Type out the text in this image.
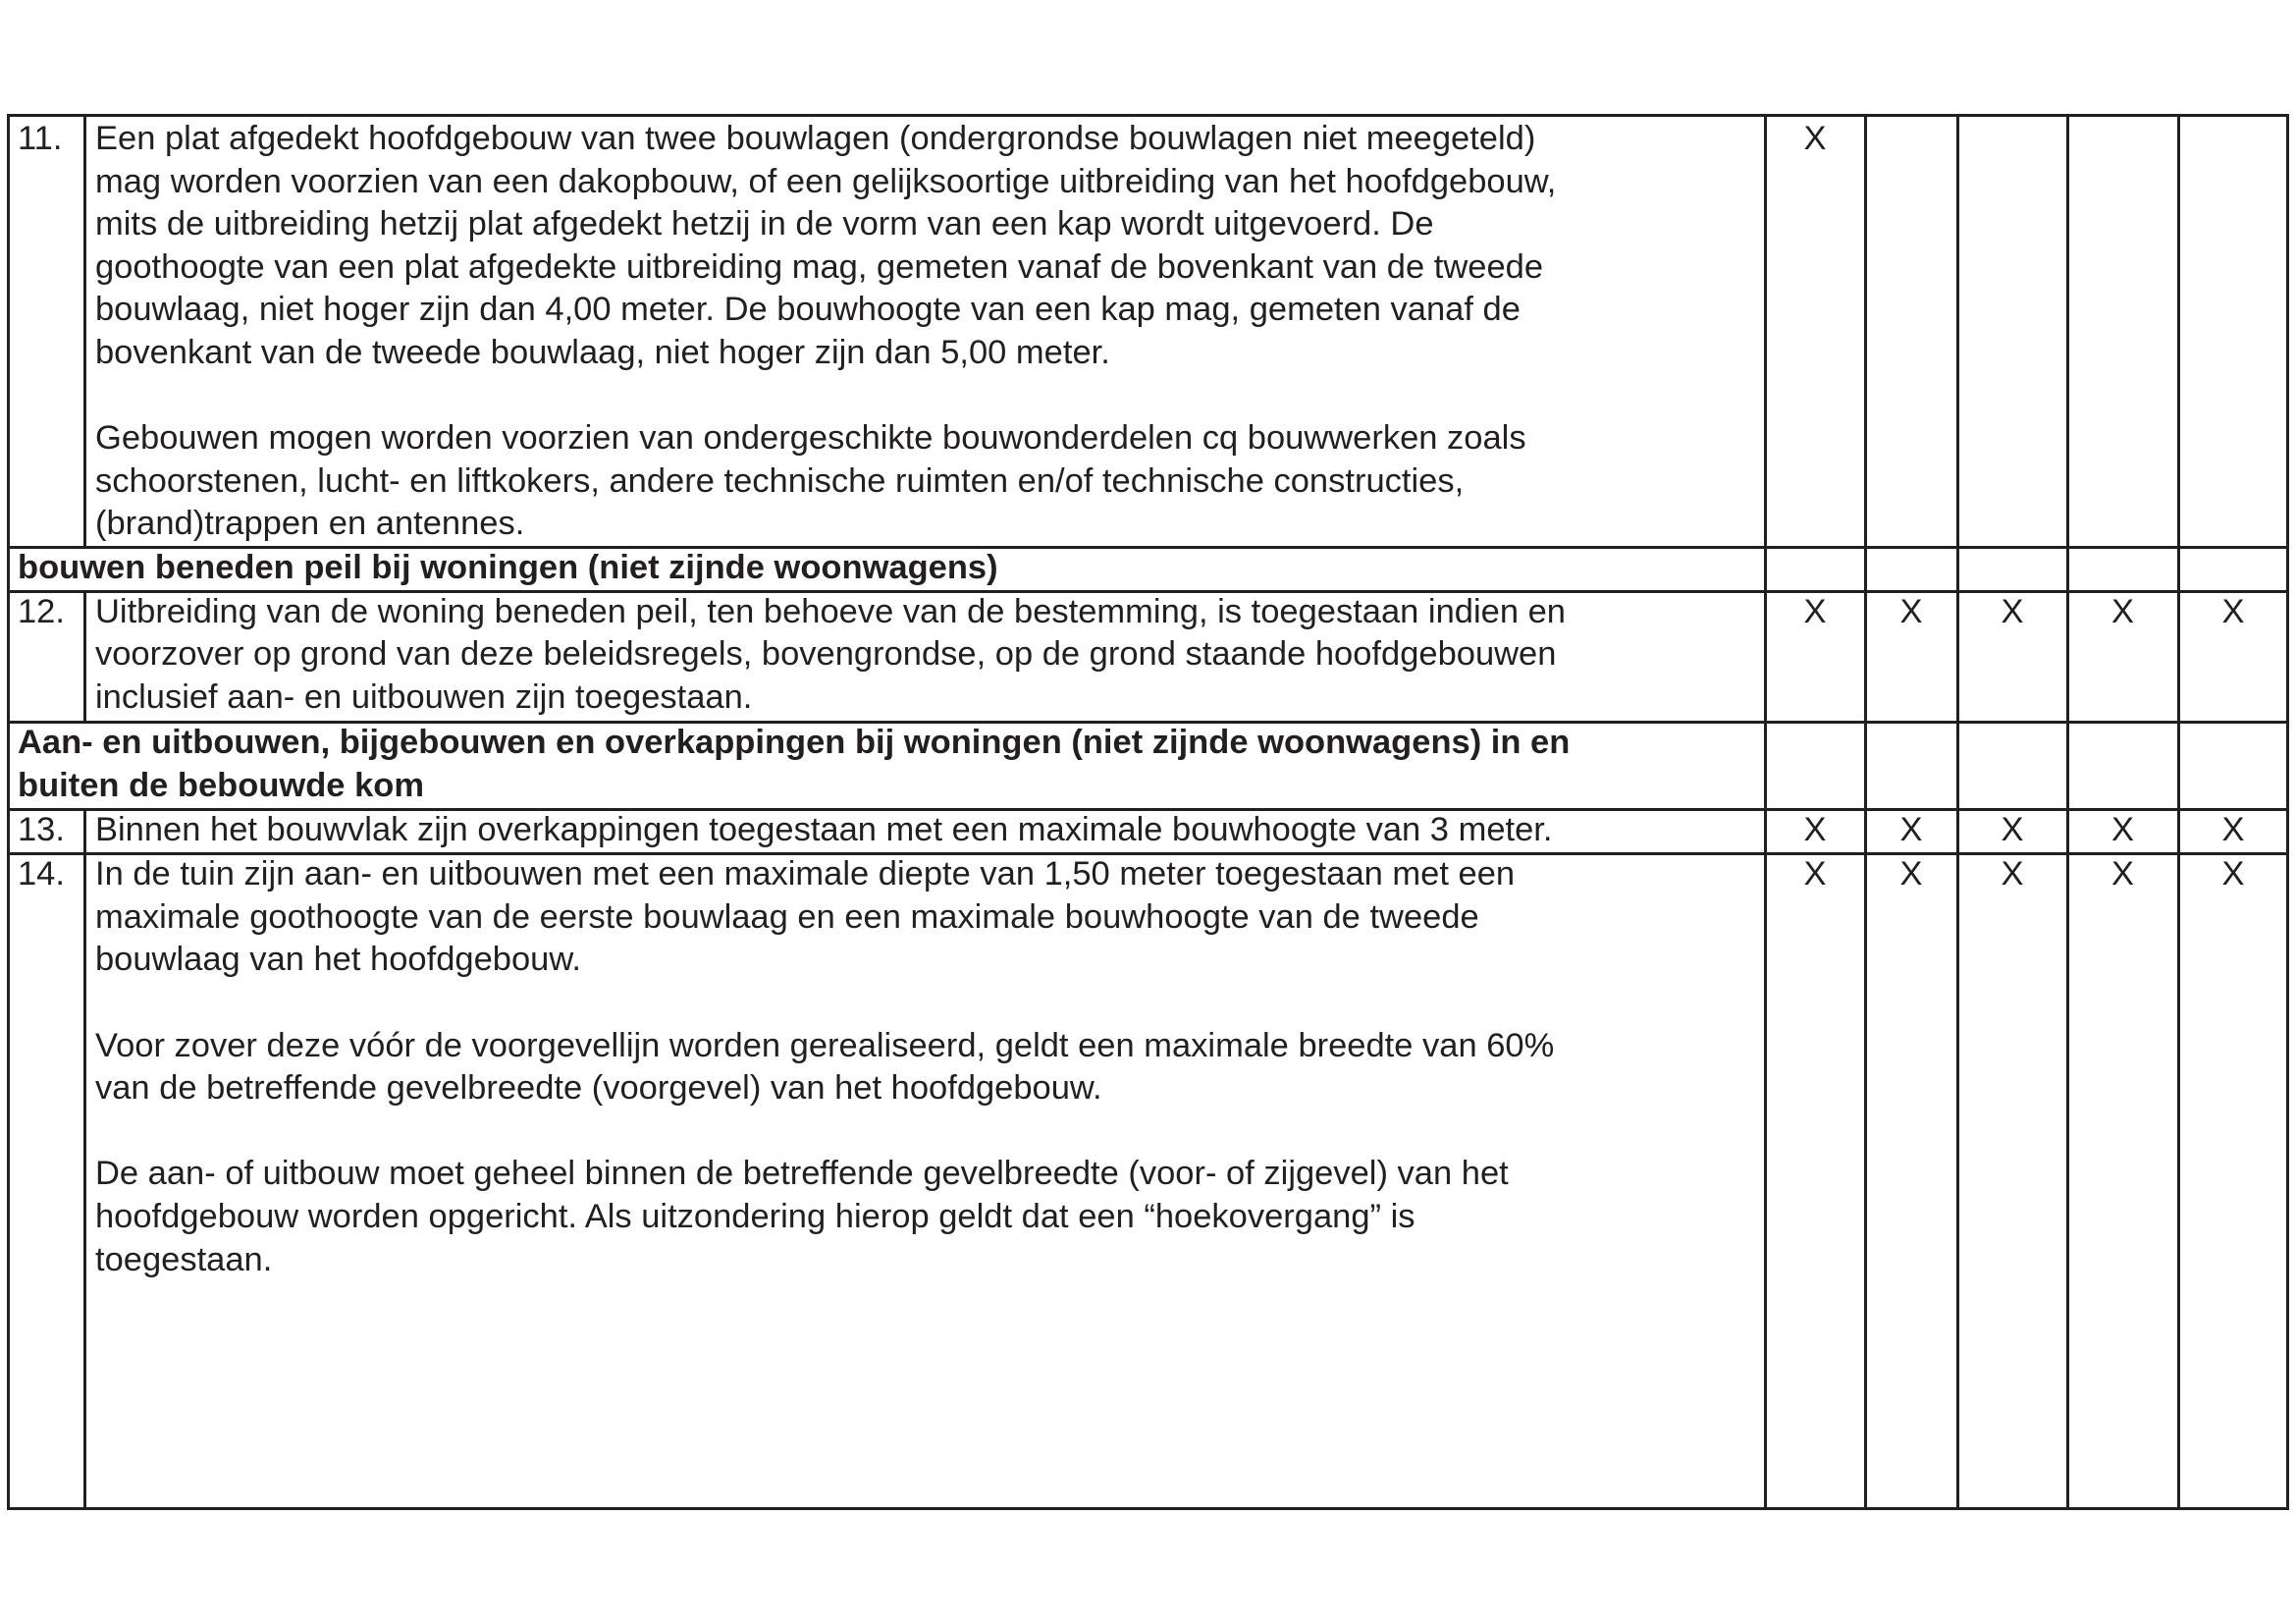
11. Een plat afgedekt hoofdgebouw van twee bouwlagen (ondergrondse bouwlagen niet meegeteld)
mag worden voorzien van een dakopbouw, of een gelijksoortige uitbreiding van het hoofdgebouw,
mits de uitbreiding hetzij plat afgedekt hetzij in de vorm van een kap wordt uitgevoerd. De
goothoogte van een plat afgedekte uitbreiding mag, gemeten vanaf de bovenkant van de tweede
bouwlaag, niet hoger zijn dan 4,00 meter. De bouwhoogte van een kap mag, gemeten vanaf de
bovenkant van de tweede bouwlaag, niet hoger zijn dan 5,00 meter.
Gebouwen mogen worden voorzien van ondergeschikte bouwonderdelen cq bouwwerken zoals
schoorstenen, lucht- en liftkokers, andere technische ruimten en/of technische constructies,
(brand)trappen en antennes.
X
bouwen beneden peil bij woningen (niet zijnde woonwagens)
12. Uitbreiding van de woning beneden peil, ten behoeve van de bestemming, is toegestaan indien en
voorzover op grond van deze beleidsregels, bovengrondse, op de grond staande hoofdgebouwen
inclusief aan- en uitbouwen zijn toegestaan.
X	X	X	X	X
Aan- en uitbouwen, bijgebouwen en overkappingen bij woningen (niet zijnde woonwagens) in en
buiten de bebouwde kom
13. Binnen het bouwvlak zijn overkappingen toegestaan met een maximale bouwhoogte van 3 meter.	X	X	X	X	X
14. In de tuin zijn aan- en uitbouwen met een maximale diepte van 1,50 meter toegestaan met een
maximale goothoogte van de eerste bouwlaag en een maximale bouwhoogte van de tweede
bouwlaag van het hoofdgebouw.
Voor zover deze vóór de voorgevellijn worden gerealiseerd, geldt een maximale breedte van 60%
van de betreffende gevelbreedte (voorgevel) van het hoofdgebouw.
De aan- of uitbouw moet geheel binnen de betreffende gevelbreedte (voor- of zijgevel) van het
hoofdgebouw worden opgericht. Als uitzondering hierop geldt dat een “hoekovergang” is
toegestaan.
X	X	X	X	X
